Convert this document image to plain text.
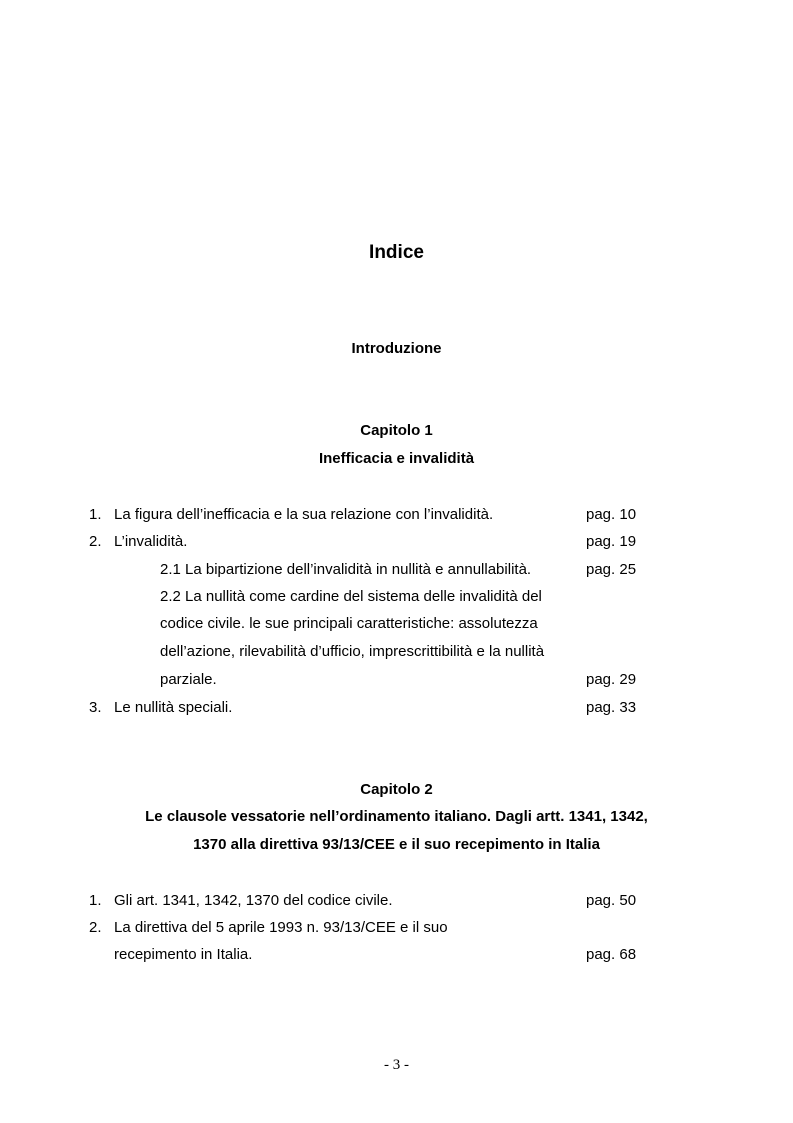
Indice
Introduzione
Capitolo 1
Inefficacia e invalidità
1. La figura dell’inefficacia e la sua relazione con l’invalidità.	pag. 10
2. L’invalidità.	pag. 19
2.1 La bipartizione dell’invalidità in nullità e annullabilità.	pag. 25
2.2 La nullità come cardine del sistema delle invalidità del
codice civile. le sue principali caratteristiche: assolutezza
dell’azione, rilevabilità d’ufficio, imprescrittibilità e la nullità
parziale.	pag. 29
3. Le nullità speciali.	pag. 33
Capitolo 2
Le clausole vessatorie nell’ordinamento italiano. Dagli artt. 1341, 1342,
1370 alla direttiva 93/13/CEE e il suo recepimento in Italia
1. Gli art. 1341, 1342, 1370 del codice civile.	pag. 50
2. La direttiva del 5 aprile 1993 n. 93/13/CEE e il suo
recepimento in Italia.	pag. 68
- 3 -
